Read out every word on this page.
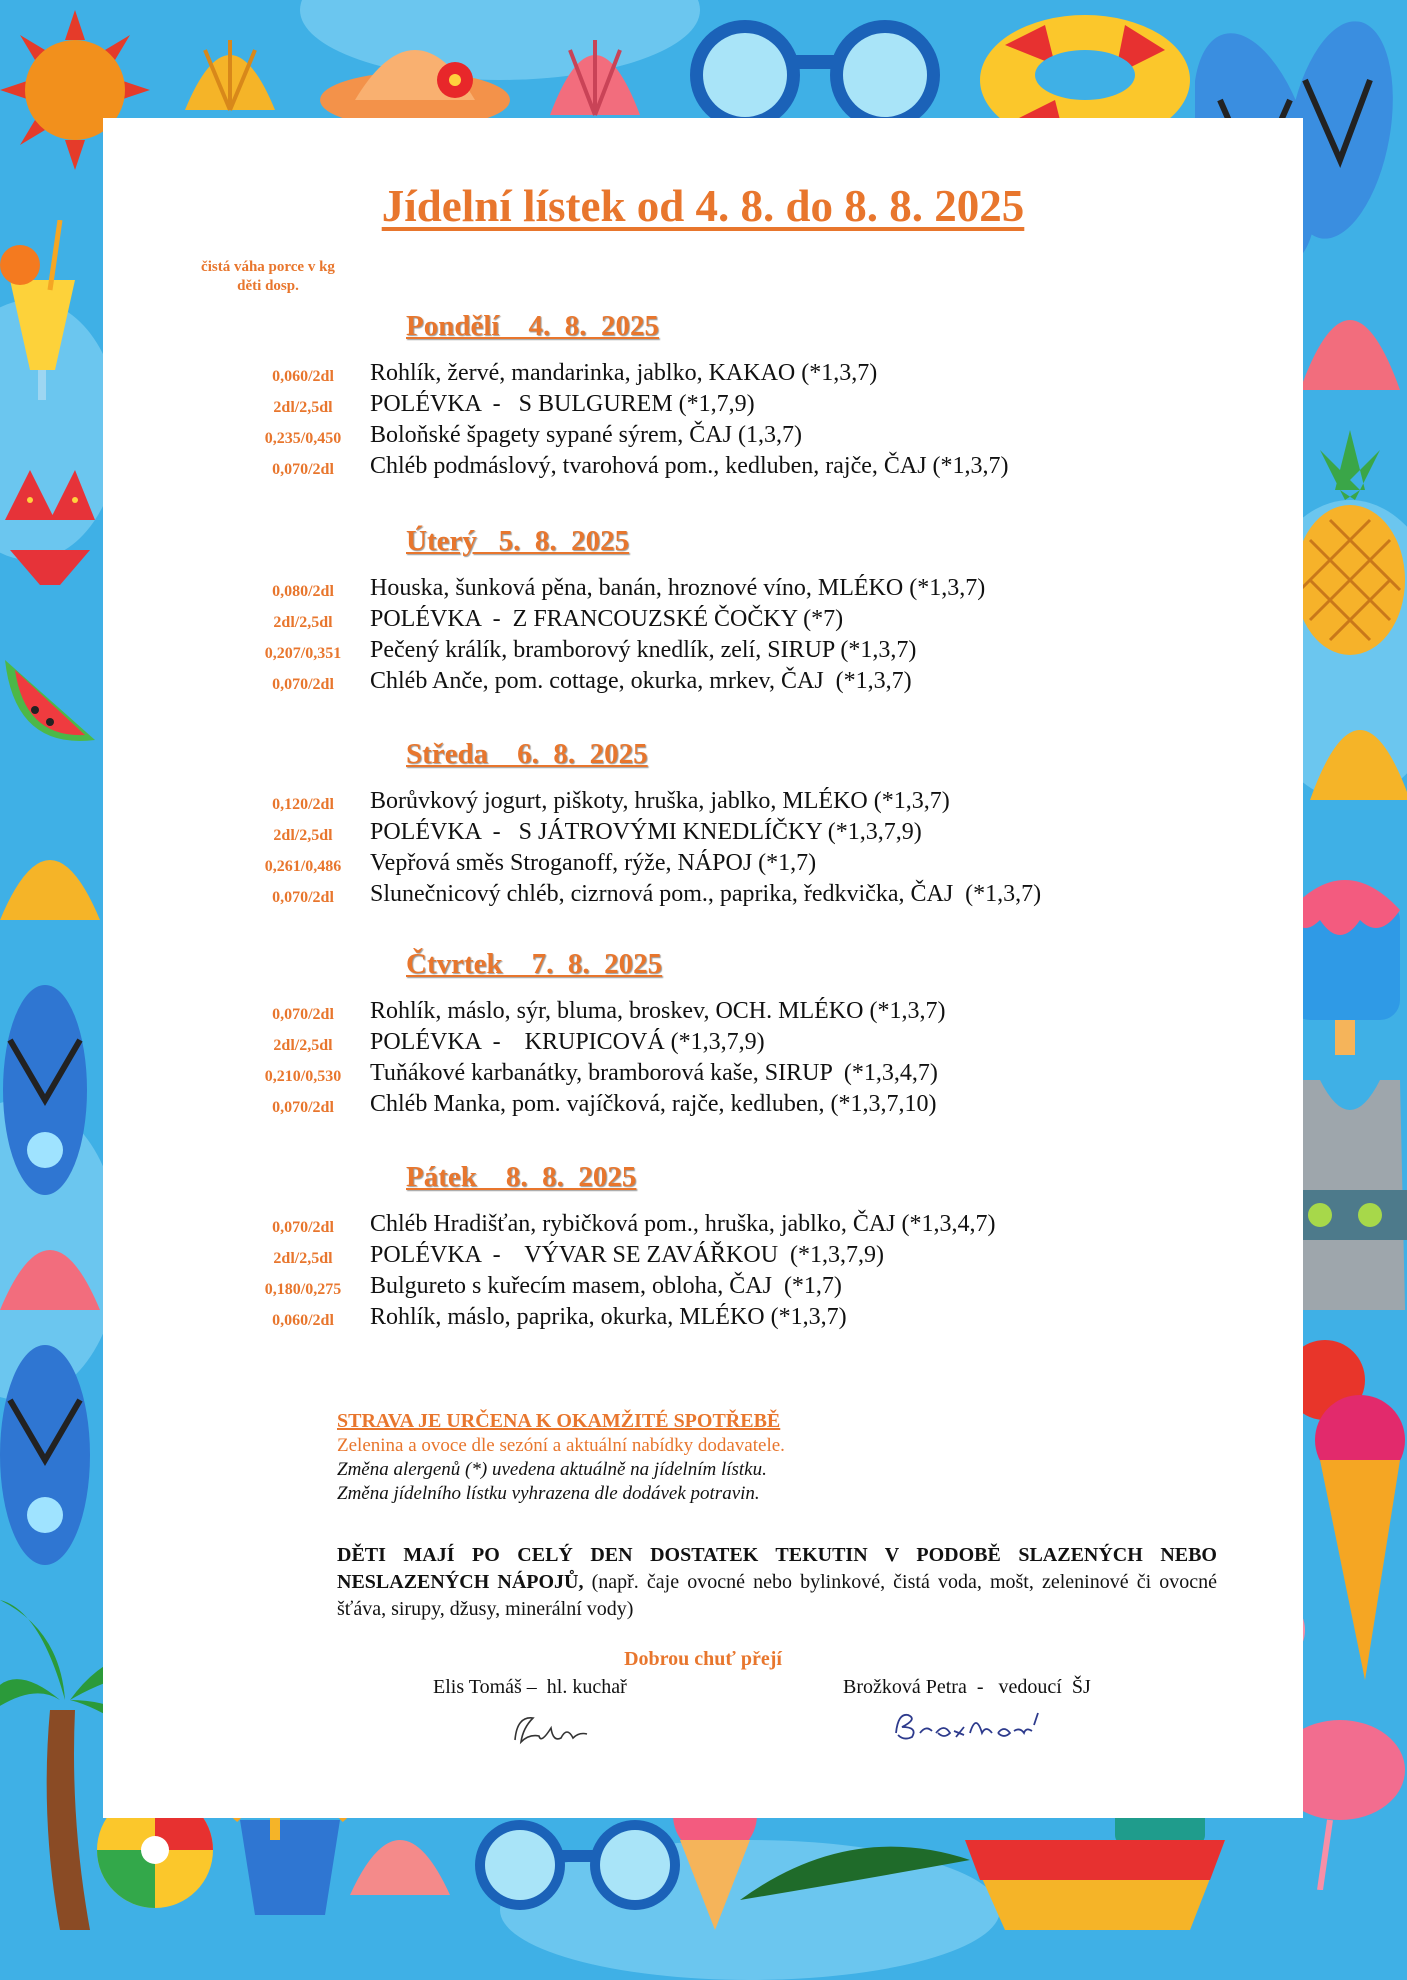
Jídelní lístek od 4. 8. do 8. 8. 2025
čistá váha porce v kg
děti dosp.
Pondělí    4.  8.  2025
0,060/2dl	Rohlík, žervé, mandarinka, jablko, KAKAO (*1,3,7)
2dl/2,5dl	POLÉVKA  -   S BULGUREM (*1,7,9)
0,235/0,450	Boloňské špagety sypané sýrem, ČAJ (1,3,7)
0,070/2dl	Chléb podmáslový, tvarohová pom., kedluben, rajče, ČAJ (*1,3,7)
Úterý   5.  8.  2025
0,080/2dl	Houska, šunková pěna, banán, hroznové víno, MLÉKO (*1,3,7)
2dl/2,5dl	POLÉVKA  -  Z FRANCOUZSKÉ ČOČKY (*7)
0,207/0,351	Pečený králík, bramborový knedlík, zelí, SIRUP (*1,3,7)
0,070/2dl	Chléb Anče, pom. cottage, okurka, mrkev, ČAJ  (*1,3,7)
Středa    6.  8.  2025
0,120/2dl	Borůvkový jogurt, piškoty, hruška, jablko, MLÉKO (*1,3,7)
2dl/2,5dl	POLÉVKA  -   S JÁTROVÝMI KNEDLÍČKY (*1,3,7,9)
0,261/0,486	Vepřová směs Stroganoff, rýže, NÁPOJ (*1,7)
0,070/2dl	Slunečnicový chléb, cizrnová pom., paprika, ředkvička, ČAJ  (*1,3,7)
Čtvrtek    7.  8.  2025
0,070/2dl	Rohlík, máslo, sýr, bluma, broskev, OCH. MLÉKO (*1,3,7)
2dl/2,5dl	POLÉVKA  -    KRUPICOVÁ (*1,3,7,9)
0,210/0,530	Tuňákové karbanátky, bramborová kaše, SIRUP  (*1,3,4,7)
0,070/2dl	Chléb Manka, pom. vajíčková, rajče, kedluben, (*1,3,7,10)
Pátek    8.  8.  2025
0,070/2dl	Chléb Hradišťan, rybičková pom., hruška, jablko, ČAJ (*1,3,4,7)
2dl/2,5dl	POLÉVKA  -    VÝVAR SE ZAVÁŘKOU  (*1,3,7,9)
0,180/0,275	Bulgureto s kuřecím masem, obloha, ČAJ  (*1,7)
0,060/2dl	Rohlík, máslo, paprika, okurka, MLÉKO (*1,3,7)
STRAVA JE URČENA K OKAMŽITÉ SPOTŘEBĚ
Zelenina a ovoce dle sezóní a aktuální nabídky dodavatele.
Změna alergenů (*) uvedena aktuálně na jídelním lístku.
Změna jídelního lístku vyhrazena dle dodávek potravin.
DĚTI MAJÍ PO CELÝ DEN DOSTATEK TEKUTIN V PODOBĚ SLAZENÝCH NEBO NESLAZENÝCH NÁPOJŮ, (např. čaje ovocné nebo bylinkové, čistá voda, mošt, zeleninové či ovocné šťáva, sirupy, džusy, minerální vody)
Dobrou chuť přejí
Elis Tomáš –  hl. kuchař	Brožková Petra  -   vedoucí  ŠJ
